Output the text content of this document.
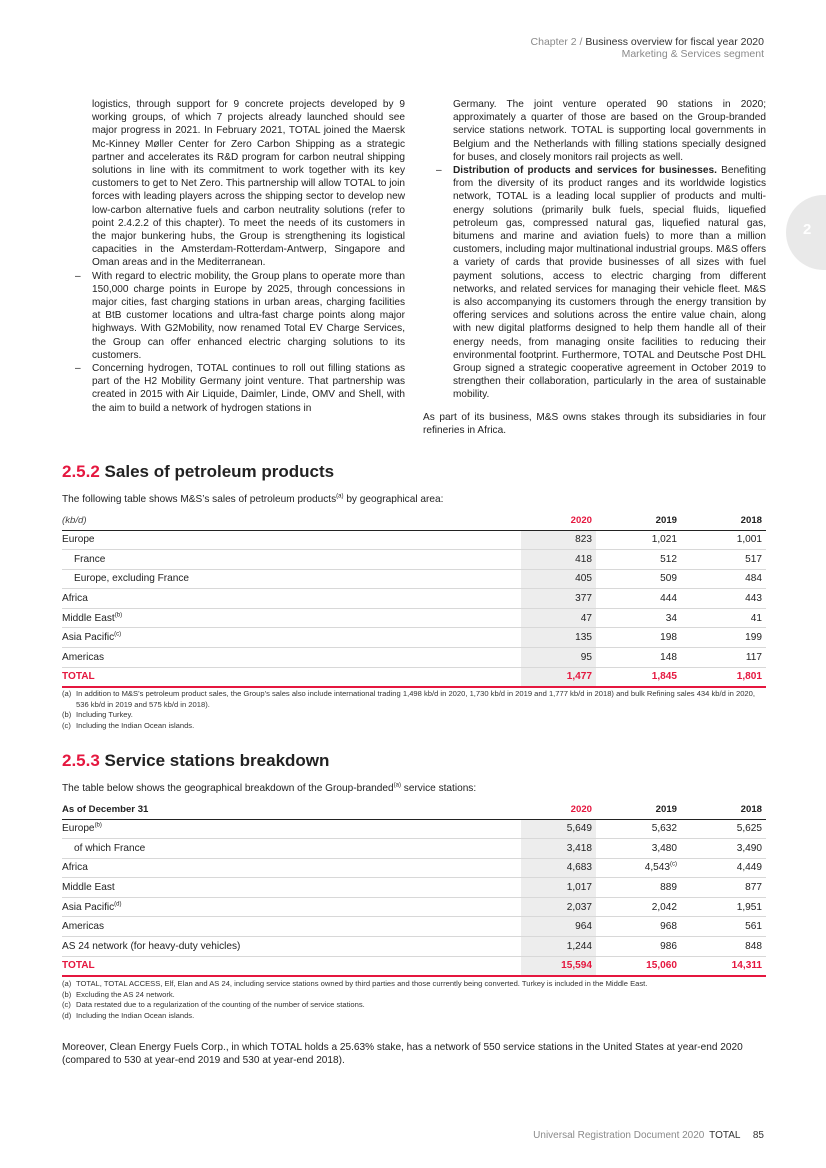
Chapter 2 / Business overview for fiscal year 2020
Marketing & Services segment
2

logistics, through support for 9 concrete projects developed by 9 working groups, of which 7 projects already launched should see major progress in 2021. In February 2021, TOTAL joined the Maersk Mc-Kinney Møller Center for Zero Carbon Shipping as a strategic partner and accelerates its R&D program for carbon neutral shipping solutions in line with its commitment to work together with its key customers to get to Net Zero. This partnership will allow TOTAL to join forces with leading players across the shipping sector to develop new low-carbon alternative fuels and carbon neutrality solutions (refer to point 2.4.2.2 of this chapter). To meet the needs of its customers in the major bunkering hubs, the Group is strengthening its logistical capacities in the Amsterdam-Rotterdam-Antwerp, Singapore and Oman areas and in the Mediterranean.

– With regard to electric mobility, the Group plans to operate more than 150,000 charge points in Europe by 2025, through concessions in major cities, fast charging stations in urban areas, charging facilities at BtB customer locations and ultra-fast charge points along major highways. With G2Mobility, now renamed Total EV Charge Services, the Group can offer enhanced electric charging solutions to its customers.

– Concerning hydrogen, TOTAL continues to roll out filling stations as part of the H2 Mobility Germany joint venture. That partnership was created in 2015 with Air Liquide, Daimler, Linde, OMV and Shell, with the aim to build a network of hydrogen stations in

Germany. The joint venture operated 90 stations in 2020; approximately a quarter of those are based on the Group-branded service stations network. TOTAL is supporting local governments in Belgium and the Netherlands with filling stations specially designed for buses, and closely monitors rail projects as well.

– Distribution of products and services for businesses. Benefiting from the diversity of its product ranges and its worldwide logistics network, TOTAL is a leading local supplier of products and multi-energy solutions (primarily bulk fuels, special fluids, liquefied petroleum gas, compressed natural gas, liquefied natural gas, bitumens and marine and aviation fuels) to more than a million customers, including major multinational industrial groups. M&S offers a variety of cards that provide businesses of all sizes with fuel payment solutions, access to electric charging from different networks, and related services for managing their vehicle fleet. M&S is also accompanying its customers through the energy transition by offering services and solutions across the entire value chain, along with new digital platforms designed to help them handle all of their energy needs, from managing onsite facilities to reducing their environmental footprint. Furthermore, TOTAL and Deutsche Post DHL Group signed a strategic cooperative agreement in October 2019 to strengthen their collaboration, particularly in the area of sustainable mobility.

As part of its business, M&S owns stakes through its subsidiaries in four refineries in Africa.

2.5.2 Sales of petroleum products
The following table shows M&S’s sales of petroleum products$^{(a)}$ by geographical area:
(kb/d)	2020	2019	2018
Europe	823	1,021	1,001
France	418	512	517
Europe, excluding France	405	509	484
Africa	377	444	443
Middle East$^{(b)}$	47	34	41
Asia Pacific$^{(c)}$	135	198	199
Americas	95	148	117
TOTAL	1,477	1,845	1,801
(a) In addition to M&S’s petroleum product sales, the Group’s sales also include international trading 1,498 kb/d in 2020, 1,730 kb/d in 2019 and 1,777 kb/d in 2018) and bulk Refining sales 434 kb/d in 2020, 536 kb/d in 2019 and 575 kb/d in 2018).
(b) Including Turkey.
(c) Including the Indian Ocean islands.
2.5.3 Service stations breakdown
The table below shows the geographical breakdown of the Group-branded$^{(a)}$ service stations:
As of December 31	2020	2019	2018
Europe$^{(b)}$	5,649	5,632	5,625
of which France	3,418	3,480	3,490
Africa	4,683	4,543$^{(c)}$	4,449
Middle East	1,017	889	877
Asia Pacific$^{(d)}$	2,037	2,042	1,951
Americas	964	968	561
AS 24 network (for heavy-duty vehicles)	1,244	986	848
TOTAL	15,594	15,060	14,311
(a) TOTAL, TOTAL ACCESS, Elf, Elan and AS 24, including service stations owned by third parties and those currently being converted. Turkey is included in the Middle East.
(b) Excluding the AS 24 network.
(c) Data restated due to a regularization of the counting of the number of service stations.
(d) Including the Indian Ocean islands.
Moreover, Clean Energy Fuels Corp., in which TOTAL holds a 25.63% stake, has a network of 550 service stations in the United States at year-end 2020 (compared to 530 at year-end 2019 and 530 at year-end 2018).
Universal Registration Document 2020 TOTAL 85
